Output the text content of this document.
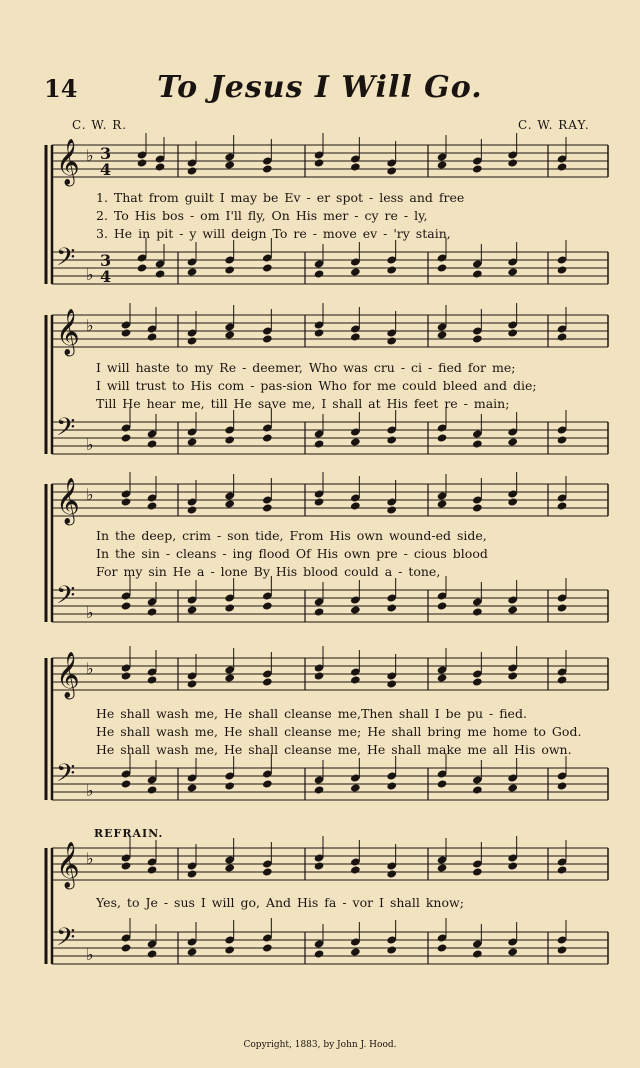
14	To Jesus I Will Go.
C. W. R.	C. W. RAY.
REFRAIN.
𝄞 ♭
𝄢 ♭
3
4
3
4
𝄞 ♭
𝄢 ♭
𝄞 ♭
𝄢 ♭
𝄞 ♭
𝄢 ♭
𝄞 ♭
𝄢 ♭
1. That from guilt I may be Ev - er spot - less and free
2. To His bos - om I'll fly, On His mer - cy re - ly,
3. He in pit - y will deign To re - move ev - 'ry stain,
I will haste to my Re - deemer, Who was cru - ci - fied for me;
I will trust to His com - pas-sion Who for me could bleed and die;
Till He hear me, till He save me, I shall at His feet re - main;
In the deep, crim - son tide, From His own wound-ed side,
In the sin - cleans - ing flood Of His own pre - cious blood
For my sin He a - lone By His blood could a - tone,
He shall wash me, He shall cleanse me,Then shall I be pu - fied.
He shall wash me, He shall cleanse me; He shall bring me home to God.
He shall wash me, He shall cleanse me, He shall make me all His own.
Yes, to Je - sus I will go, And His fa - vor I shall know;
Copyright, 1883, by John J. Hood.
